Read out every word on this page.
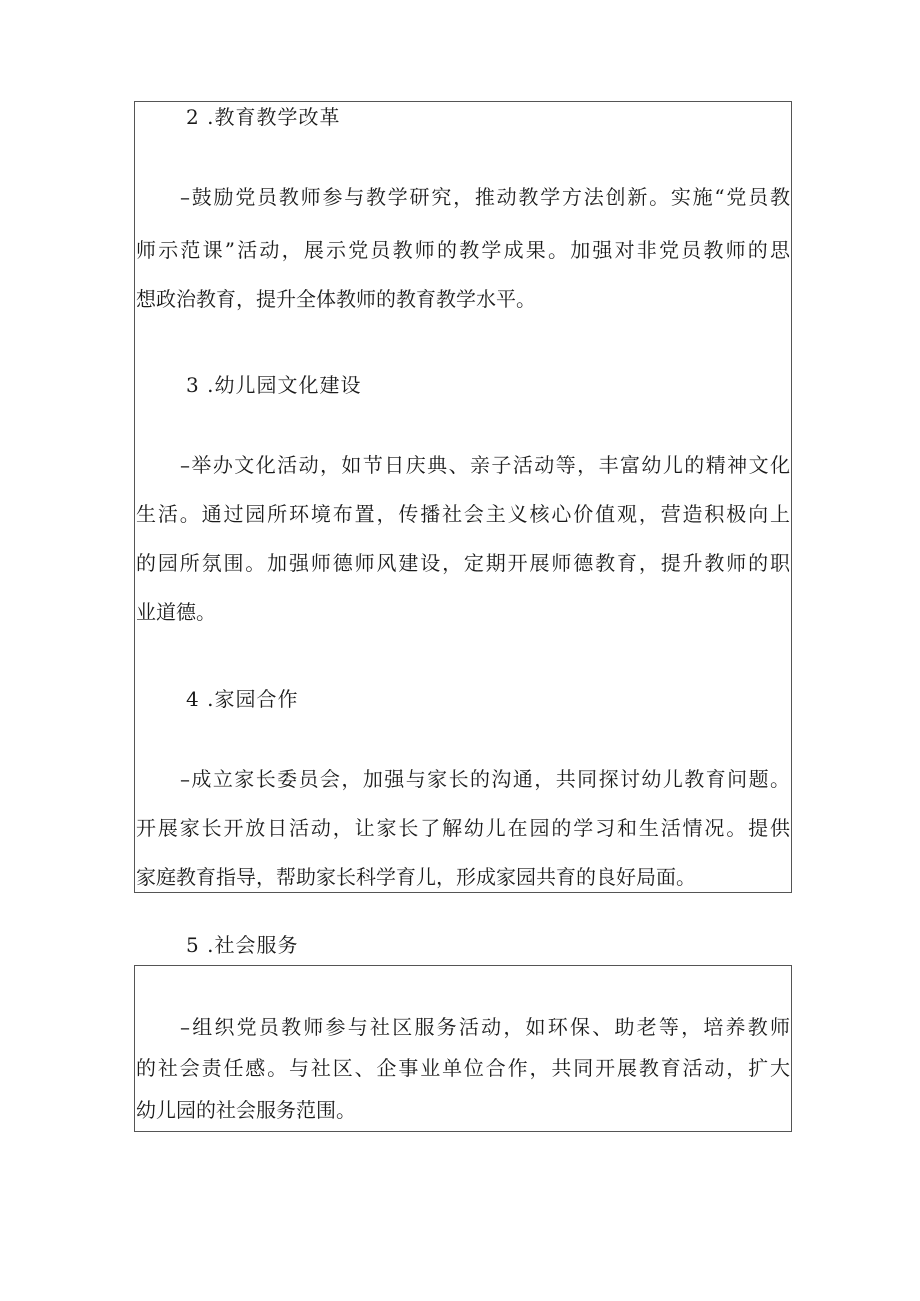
2 .教育教学改革
–鼓励党员教师参与教学研究，推动教学方法创新。实施“党员教
师示范课”活动，展示党员教师的教学成果。加强对非党员教师的思
想政治教育，提升全体教师的教育教学水平。
3 .幼儿园文化建设
–举办文化活动，如节日庆典、亲子活动等，丰富幼儿的精神文化
生活。通过园所环境布置，传播社会主义核心价值观，营造积极向上
的园所氛围。加强师德师风建设，定期开展师德教育，提升教师的职
业道德。
4 .家园合作
–成立家长委员会，加强与家长的沟通，共同探讨幼儿教育问题。
开展家长开放日活动，让家长了解幼儿在园的学习和生活情况。提供
家庭教育指导，帮助家长科学育儿，形成家园共育的良好局面。
5 .社会服务
–组织党员教师参与社区服务活动，如环保、助老等，培养教师
的社会责任感。与社区、企事业单位合作，共同开展教育活动，扩大
幼儿园的社会服务范围。
